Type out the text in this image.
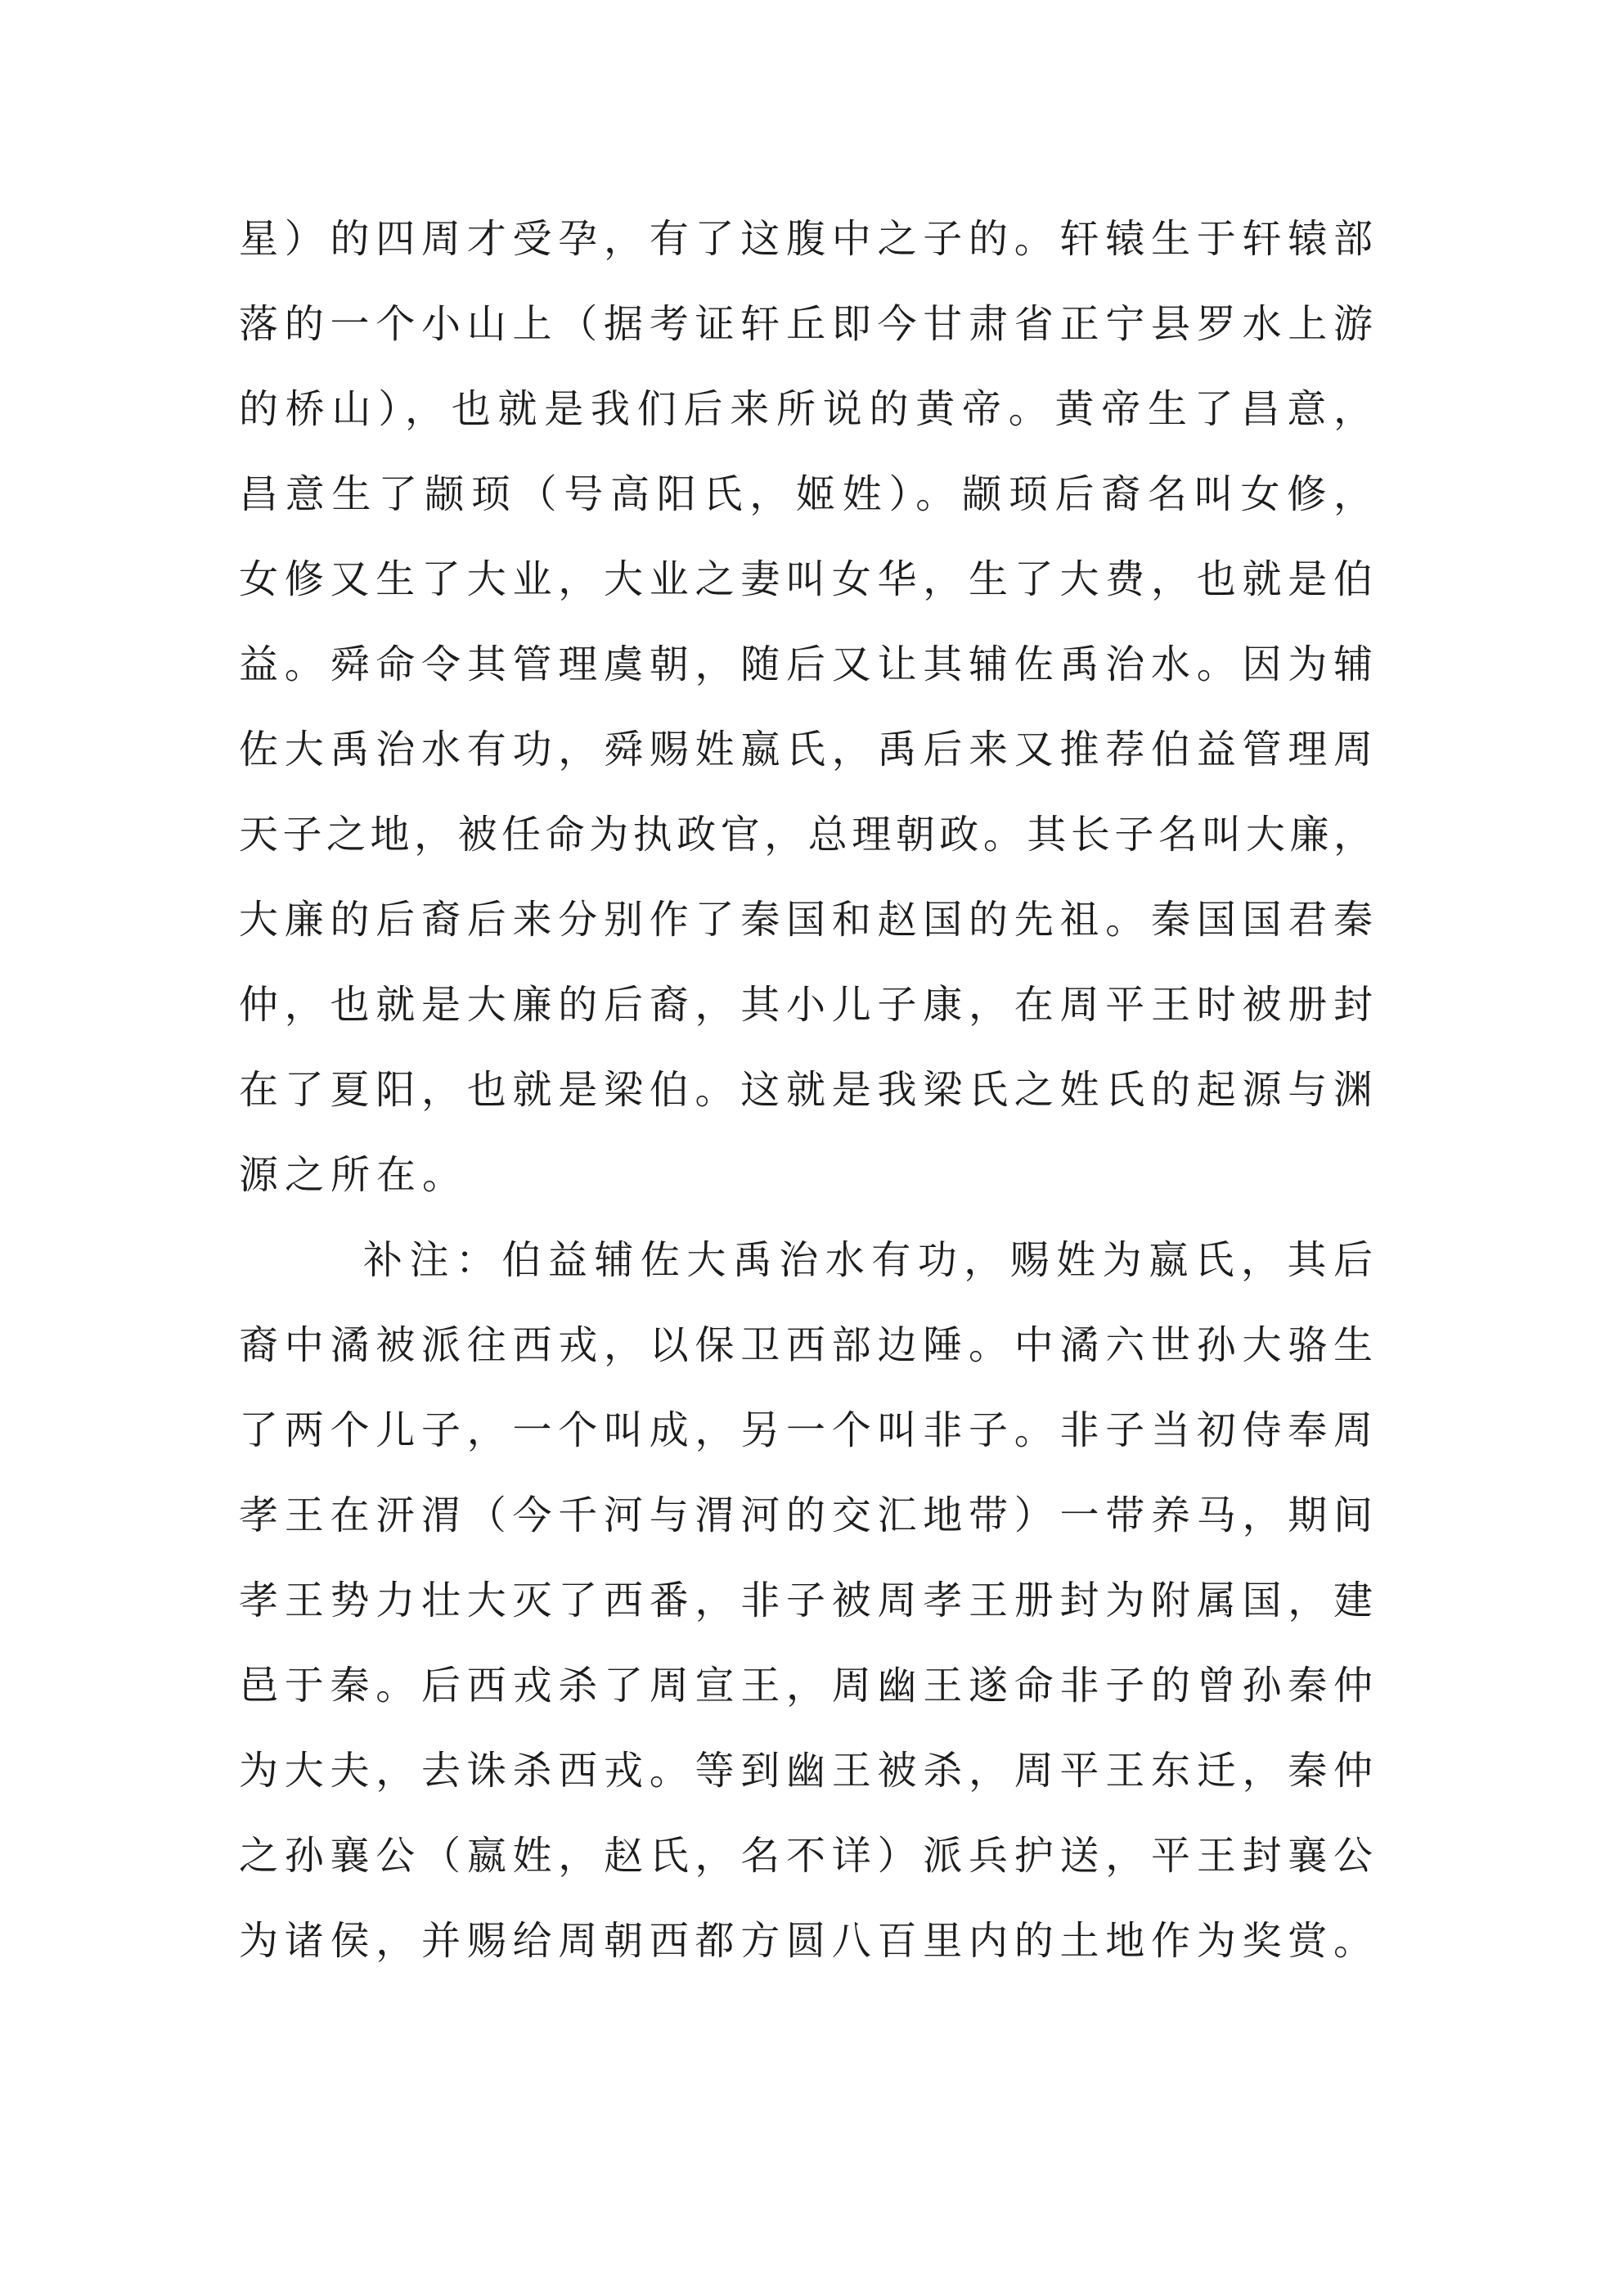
星）的四周才受孕，有了这腹中之子的。轩辕生于轩辕部
落的一个小山上（据考证轩丘即今甘肃省正宁县罗水上游
的桥山），也就是我们后来所说的黄帝。黄帝生了昌意，
昌意生了颛顼（号高阳氏，姬姓）。颛顼后裔名叫女修，
女修又生了大业，大业之妻叫女华，生了大费，也就是伯
益。舜命令其管理虞朝，随后又让其辅佐禹治水。因为辅
佐大禹治水有功，舜赐姓嬴氏，禹后来又推荐伯益管理周
天子之地，被任命为执政官，总理朝政。其长子名叫大廉，
大廉的后裔后来分别作了秦国和赵国的先祖。秦国国君秦
仲，也就是大廉的后裔，其小儿子康，在周平王时被册封
在了夏阳，也就是梁伯。这就是我梁氏之姓氏的起源与渊
源之所在。
补注：伯益辅佐大禹治水有功，赐姓为嬴氏，其后
裔中潏被派往西戎，以保卫西部边陲。中潏六世孙大骆生
了两个儿子，一个叫成，另一个叫非子。非子当初侍奉周
孝王在汧渭（今千河与渭河的交汇地带）一带养马，期间
孝王势力壮大灭了西番，非子被周孝王册封为附属国，建
邑于秦。后西戎杀了周宣王，周幽王遂命非子的曾孙秦仲
为大夫，去诛杀西戎。等到幽王被杀，周平王东迁，秦仲
之孙襄公（嬴姓，赵氏，名不详）派兵护送，平王封襄公
为诸侯，并赐给周朝西都方圆八百里内的土地作为奖赏。
